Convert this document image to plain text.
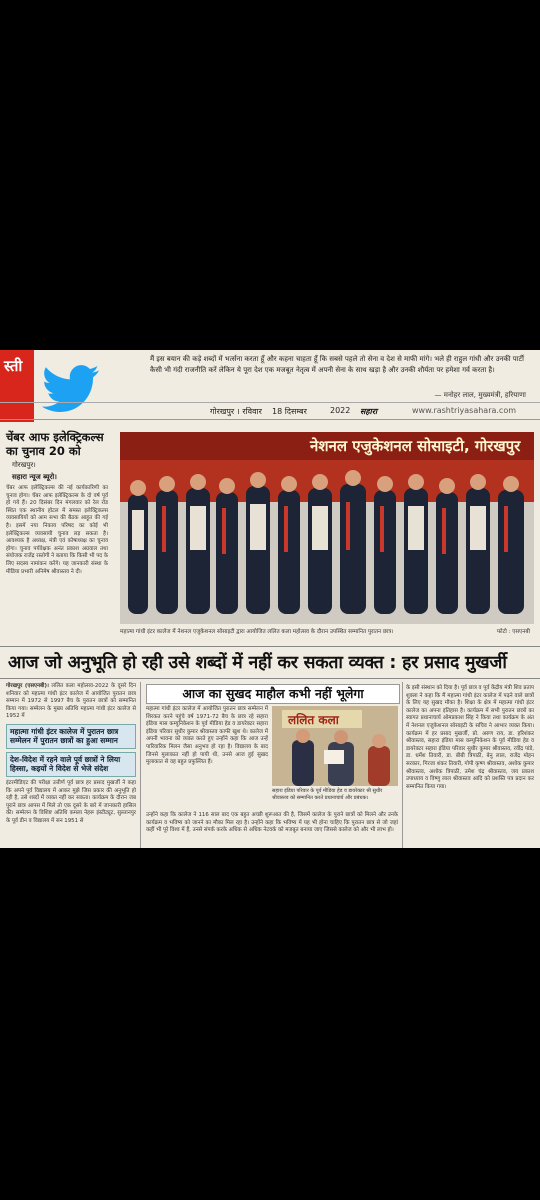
स्ती	मैं इस बयान की कड़े शब्दों में भर्त्सना करता हूँ और कहना चाहता हूँ कि सबसे पहले तो सेना व देश से माफी मांगे। भले ही राहुल गांधी और उनकी पार्टी कैसी भी गंदी राजनीति करें लेकिन ये पूरा देश एक मजबूत नेतृत्व में अपनी सेना के साथ खड़ा है और उनकी शौर्यता पर हमेशा गर्व करता है।
— मनोहर लाल, मुख्यमंत्री, हरियाणा
गोरखपुर । रविवार 18 दिसम्बर	2022 सहारा	www.rashtriyasahara.com
चेंबर आफ इलेक्ट्रिकल्स का चुनाव 20 को
गोरखपुर।
सहारा न्यूज ब्यूरो।
चेंबर आफ इलेक्ट्रिकल्स की नई कार्यकारिणी का चुनाव होगा। चेंबर आफ इलेक्ट्रिकल्स के दो वर्ष पूर्व हो गये हैं। 20 दिसंबर दिन मंगलवार को रेल रोड स्थित एक स्थानीय होटल में समस्त इलेक्ट्रिकल्स व्यवसायियों को आम सभा की बैठक आहूत की गई है। इसमें नया निकाय परिषद का कोई भी इलेक्ट्रिकल्स व्यवसायी चुनाव लड़ सकता है। आवश्यक है अध्यक्ष, मंत्री एवं कोषाध्यक्ष का चुनाव होगा। चुनाव पर्यवेक्षक अनंत प्रकाश अग्रवाल तथा संयोजक राजेंद्र रस्तोगी ने बताया कि किसी भी पद के लिए सदस्य नामांकन करेंगे। यह जानकारी संस्था के मीडिया प्रभारी अनिमेष श्रीवास्तव ने दी।
नेशनल एजुकेशनल सोसाइटी, गोरखपुर
महात्मा गांधी इंटर कालेज में नेशनल एजुकेशनल सोसाइटी द्वारा आयोजित ललित कला महोत्सव के दौरान उपस्थित सम्मानित पुरातन छात्र।	फोटो : एसएनबी
आज जो अनुभूति हो रही उसे शब्दों में नहीं कर सकता व्यक्त : हर प्रसाद मुखर्जी
गोरखपुर (एसएनबी)। ललित कला महोत्सव-2022 के दूसरे दिन शनिवार को महात्मा गांधी इंटर कालेज में आयोजित पुरातन छात्र सम्मान में 1972 से 1997 बैच के पुरातन छात्रों को सम्मानित किया गया। सम्मेलन के मुख्य अतिथि महात्मा गांधी इंटर कालेज से 1952 में
महात्मा गांधी इंटर कालेज में पुरातन छात्र सम्मेलन में पुरातन छात्रों का हुआ सम्मान
देश-विदेश में रहने वाले पूर्व छात्रों ने लिया हिस्सा, कइयों ने विदेश से भेजे संदेश
इंटरमीडिएट की परीक्षा उत्तीर्ण पूर्व छात्र हर प्रसाद मुखर्जी ने कहा कि अपने पूर्व विद्यालय में आकर मुझे जिस प्रकार की अनुभूति हो रही है, उसे शब्दों में व्यक्त नहीं कर सकता। कार्यक्रम के दौरान जब पुराने छात्र आपस में मिले तो एक दूसरे के बारे में जानकारी हासिल की। सम्मेलन के विशिष्ट अतिथि कमला नेहरू इंस्टीट्यूट, सुल्तानपुर के पूर्व डीन व विद्यालय में सन 1951 से
आज का सुखद माहौल कभी नहीं भूलेगा
महात्मा गांधी इंटर कालेज में आयोजित पुरातन छात्र सम्मेलन में शिरकत करने पहुंचे वर्ष 1971-72 बैच के छात्र रहे सहारा इंडिया मास कम्युनिकेशन के पूर्व मीडिया हेड व डायरेक्टर सहारा इंडिया परिवार सुधीर कुमार श्रीवास्तव काफी खुश थे। कालेज में अपनी भावना को व्यक्त करते हुए उन्होंने कहा कि आज उन्हें पारिवारिक मिलन जैसा अनुभव हो रहा है। विद्यालय के बाद जिनसे मुलाकात नहीं हो पायी थी, उनसे आज हुई सुखद मुलाकात से वह बहुत प्रफुल्लित हैं।
ललित कला
सहारा इंडिया परिवार के पूर्व मीडिया हेड व डायरेक्टर श्री सुधीर श्रीवास्तव को सम्मानित करते प्रधानाचार्य और प्रबंधक।
उन्होंने कहा कि कालेज ने 116 साल बाद एक बहुत अच्छी शुरूआत की है, जिसमें कालेज के पुराने छात्रों को मिलने और उनके कार्यक्रम व भविष्य को जानने का मौका मिल रहा है। उन्होंने कहा कि भविष्य में यह भी होना चाहिए कि पुरातन छात्र से जो जहां कहीं भी पूरे विश्व में हैं, उनसे संपर्क करके अधिक से अधिक नेटवर्क को मजबूत बनाया जाए जिससे कालेज को और भी लाभ हो।
के इसी संस्थान को दिया है। पूर्व छात्र व पूर्व केंद्रीय मंत्री शिव प्रताप शुक्ला ने कहा कि मैं महात्मा गांधी इंटर कालेज में पढ़ने वाले छात्रों के लिए यह सुखद मौका है। शिक्षा के क्षेत्र में महात्मा गांधी इंटर कालेज का अपना इतिहास है। कार्यक्रम में सभी पुरातन छात्रों का स्वागत प्रधानाचार्य ओमप्रकाश सिंह ने किया तथा कार्यक्रम के अंत में नेशनल एजुकेशनल सोसाइटी के सचिव ने आभार व्यक्त किया। कार्यक्रम में हर प्रसाद मुखर्जी, प्रो. अरुण राय, डा. हरिशंकर श्रीवास्तव, सहारा इंडिया मास कम्युनिकेशन के पूर्व मीडिया हेड व डायरेक्टर सहारा इंडिया परिवार सुधीर कुमार श्रीवास्तव, रवींद्र पांडे, डा. धर्मेश तिवारी, डा. बीबी त्रिपाठी, बेनु लाल, राजेंद्र मोहन सरकार, गिरजा शंकर तिवारी, गोपी कृष्ण श्रीवास्तव, अशोक कुमार श्रीवास्तव, अशोक त्रिपाठी, उमेश चंद्र श्रीवास्तव, जय प्रकाश उपाध्याय व विष्णु लाल श्रीवास्तव आदि को प्रशस्ति पत्र प्रदान कर सम्मानित किया गया।
